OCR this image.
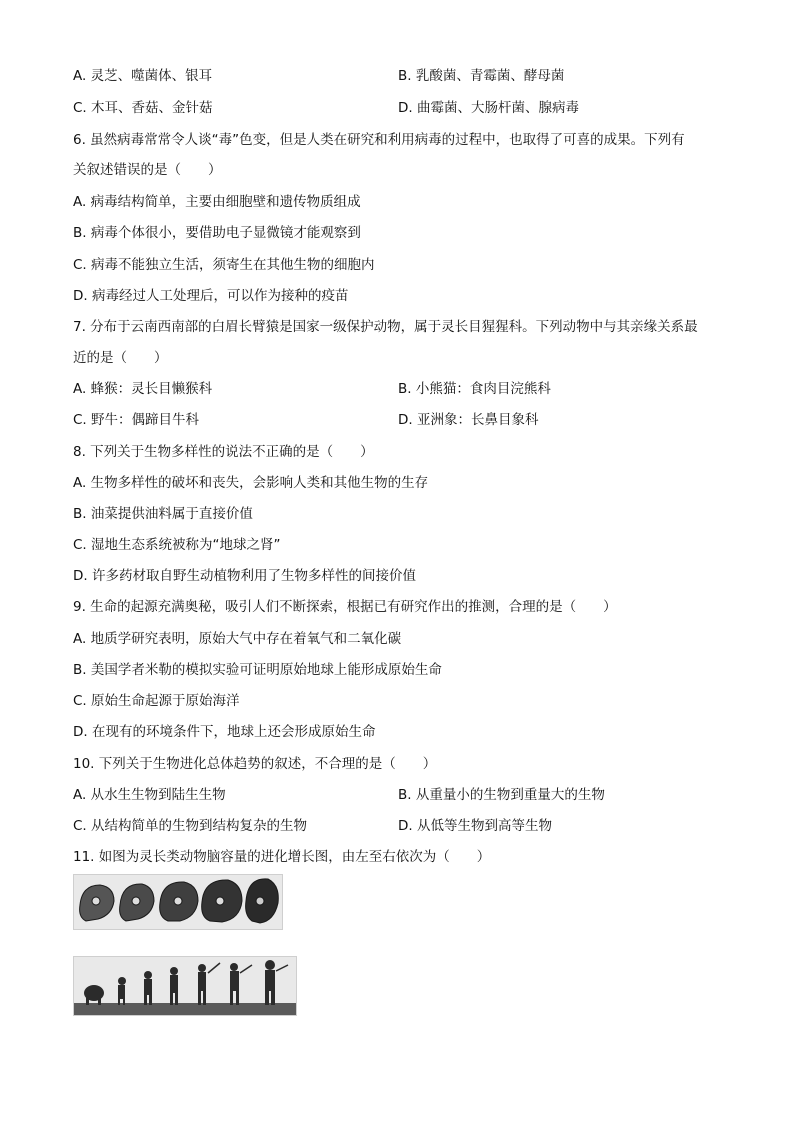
A. 灵芝、噬菌体、银耳	B. 乳酸菌、青霉菌、酵母菌
C. 木耳、香菇、金针菇	D. 曲霉菌、大肠杆菌、腺病毒
6. 虽然病毒常常令人谈“毒”色变，但是人类在研究和利用病毒的过程中，也取得了可喜的成果。下列有
关叙述错误的是（　　）
A. 病毒结构简单，主要由细胞壁和遗传物质组成
B. 病毒个体很小，要借助电子显微镜才能观察到
C. 病毒不能独立生活，须寄生在其他生物的细胞内
D. 病毒经过人工处理后，可以作为接种的疫苗
7. 分布于云南西南部的白眉长臂猿是国家一级保护动物，属于灵长目猩猩科。下列动物中与其亲缘关系最
近的是（　　）
A. 蜂猴：灵长目懒猴科	B. 小熊猫：食肉目浣熊科
C. 野牛：偶蹄目牛科	D. 亚洲象：长鼻目象科
8. 下列关于生物多样性的说法不正确的是（　　）
A. 生物多样性的破坏和丧失，会影响人类和其他生物的生存
B. 油菜提供油料属于直接价值
C. 湿地生态系统被称为“地球之肾”
D. 许多药材取自野生动植物利用了生物多样性的间接价值
9. 生命的起源充满奥秘，吸引人们不断探索，根据已有研究作出的推测，合理的是（　　）
A. 地质学研究表明，原始大气中存在着氧气和二氧化碳
B. 美国学者米勒的模拟实验可证明原始地球上能形成原始生命
C. 原始生命起源于原始海洋
D. 在现有的环境条件下，地球上还会形成原始生命
10. 下列关于生物进化总体趋势的叙述，不合理的是（　　）
A. 从水生生物到陆生生物	B. 从重量小的生物到重量大的生物
C. 从结构简单的生物到结构复杂的生物	D. 从低等生物到高等生物
11. 如图为灵长类动物脑容量的进化增长图，由左至右依次为（　　）
